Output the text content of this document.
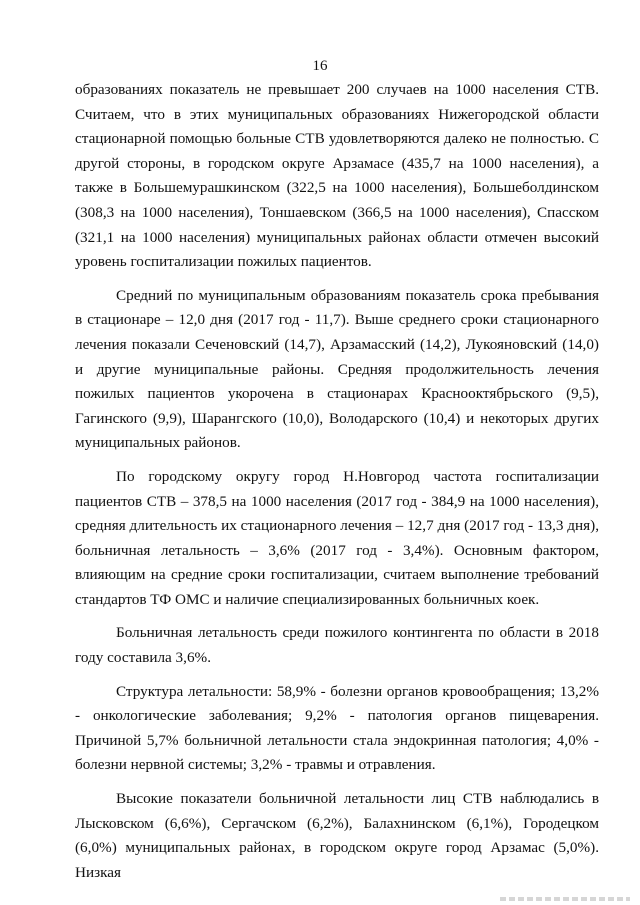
16

образованиях показатель не превышает 200 случаев на 1000 населения СТВ. Считаем, что в этих муниципальных образованиях Нижегородской области стационарной помощью больные СТВ удовлетворяются далеко не полностью. С другой стороны, в городском округе Арзамасе (435,7 на 1000 населения), а также в Большемурашкинском (322,5 на 1000 населения), Большеболдинском (308,3 на 1000 населения), Тоншаевском (366,5 на 1000 населения), Спасском (321,1 на 1000 населения) муниципальных районах области отмечен высокий уровень госпитализации пожилых пациентов.

Средний по муниципальным образованиям показатель срока пребывания в стационаре – 12,0 дня (2017 год - 11,7). Выше среднего сроки стационарного лечения показали Сеченовский (14,7), Арзамасский (14,2), Лукояновский (14,0) и другие муниципальные районы. Средняя продолжительность лечения пожилых пациентов укорочена в стационарах Краснооктябрьского (9,5), Гагинского (9,9), Шарангского (10,0), Володарского (10,4) и некоторых других муниципальных районов.

По городскому округу город Н.Новгород частота госпитализации пациентов СТВ – 378,5 на 1000 населения (2017 год - 384,9 на 1000 населения), средняя длительность их стационарного лечения – 12,7 дня (2017 год - 13,3 дня), больничная летальность – 3,6% (2017 год - 3,4%). Основным фактором, влияющим на средние сроки госпитализации, считаем выполнение требований стандартов ТФ ОМС и наличие специализированных больничных коек.

Больничная летальность среди пожилого контингента по области в 2018 году составила 3,6%.

Структура летальности: 58,9% - болезни органов кровообращения; 13,2% - онкологические заболевания; 9,2% - патология органов пищеварения. Причиной 5,7% больничной летальности стала эндокринная патология; 4,0% - болезни нервной системы; 3,2% - травмы и отравления.

Высокие показатели больничной летальности лиц СТВ наблюдались в Лысковском (6,6%), Сергачском (6,2%), Балахнинском (6,1%), Городецком (6,0%) муниципальных районах, в городском округе город Арзамас (5,0%). Низкая
